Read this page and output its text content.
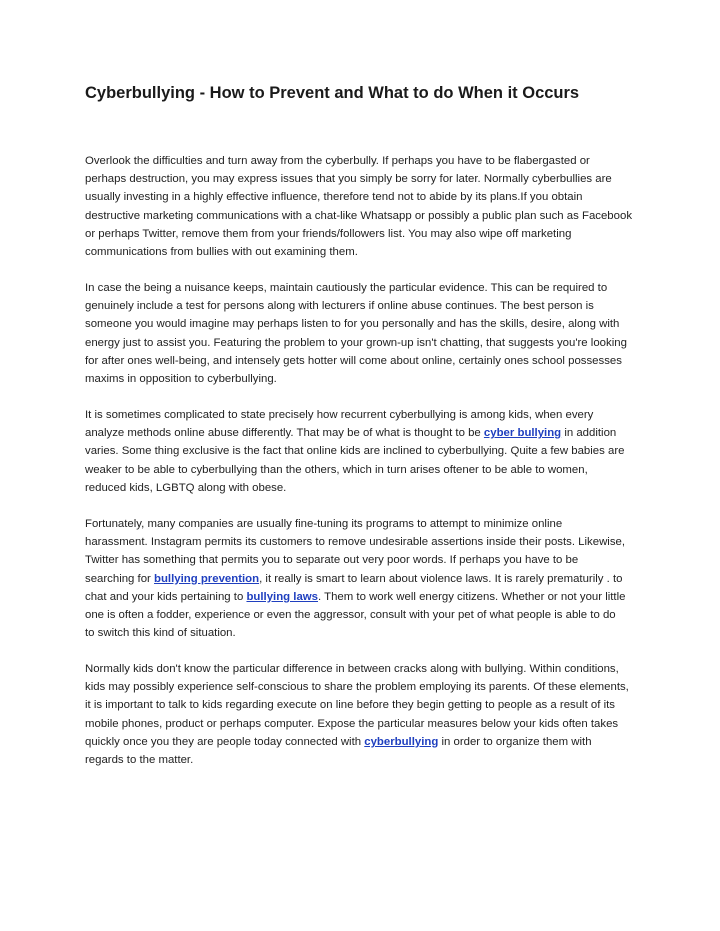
Cyberbullying - How to Prevent and What to do When it Occurs

Overlook the difficulties and turn away from the cyberbully. If perhaps you have to be flabergasted or
perhaps destruction, you may express issues that you simply be sorry for later. Normally cyberbullies are
usually investing in a highly effective influence, therefore tend not to abide by its plans.If you obtain
destructive marketing communications with a chat-like Whatsapp or possibly a public plan such as Facebook
or perhaps Twitter, remove them from your friends/followers list. You may also wipe off marketing
communications from bullies with out examining them.

In case the being a nuisance keeps, maintain cautiously the particular evidence. This can be required to
genuinely include a test for persons along with lecturers if online abuse continues. The best person is
someone you would imagine may perhaps listen to for you personally and has the skills, desire, along with
energy just to assist you. Featuring the problem to your grown-up isn't chatting, that suggests you're looking
for after ones well-being, and intensely gets hotter will come about online, certainly ones school possesses
maxims in opposition to cyberbullying.

It is sometimes complicated to state precisely how recurrent cyberbullying is among kids, when every
analyze methods online abuse differently. That may be of what is thought to be cyber bullying in addition
varies. Some thing exclusive is the fact that online kids are inclined to cyberbullying. Quite a few babies are
weaker to be able to cyberbullying than the others, which in turn arises oftener to be able to women,
reduced kids, LGBTQ along with obese.

Fortunately, many companies are usually fine-tuning its programs to attempt to minimize online
harassment. Instagram permits its customers to remove undesirable assertions inside their posts. Likewise,
Twitter has something that permits you to separate out very poor words. If perhaps you have to be
searching for bullying prevention, it really is smart to learn about violence laws. It is rarely prematurily . to
chat and your kids pertaining to bullying laws. Them to work well energy citizens. Whether or not your little
one is often a fodder, experience or even the aggressor, consult with your pet of what people is able to do
to switch this kind of situation.

Normally kids don't know the particular difference in between cracks along with bullying. Within conditions,
kids may possibly experience self-conscious to share the problem employing its parents. Of these elements,
it is important to talk to kids regarding execute on line before they begin getting to people as a result of its
mobile phones, product or perhaps computer. Expose the particular measures below your kids often takes
quickly once you they are people today connected with cyberbullying in order to organize them with
regards to the matter.
